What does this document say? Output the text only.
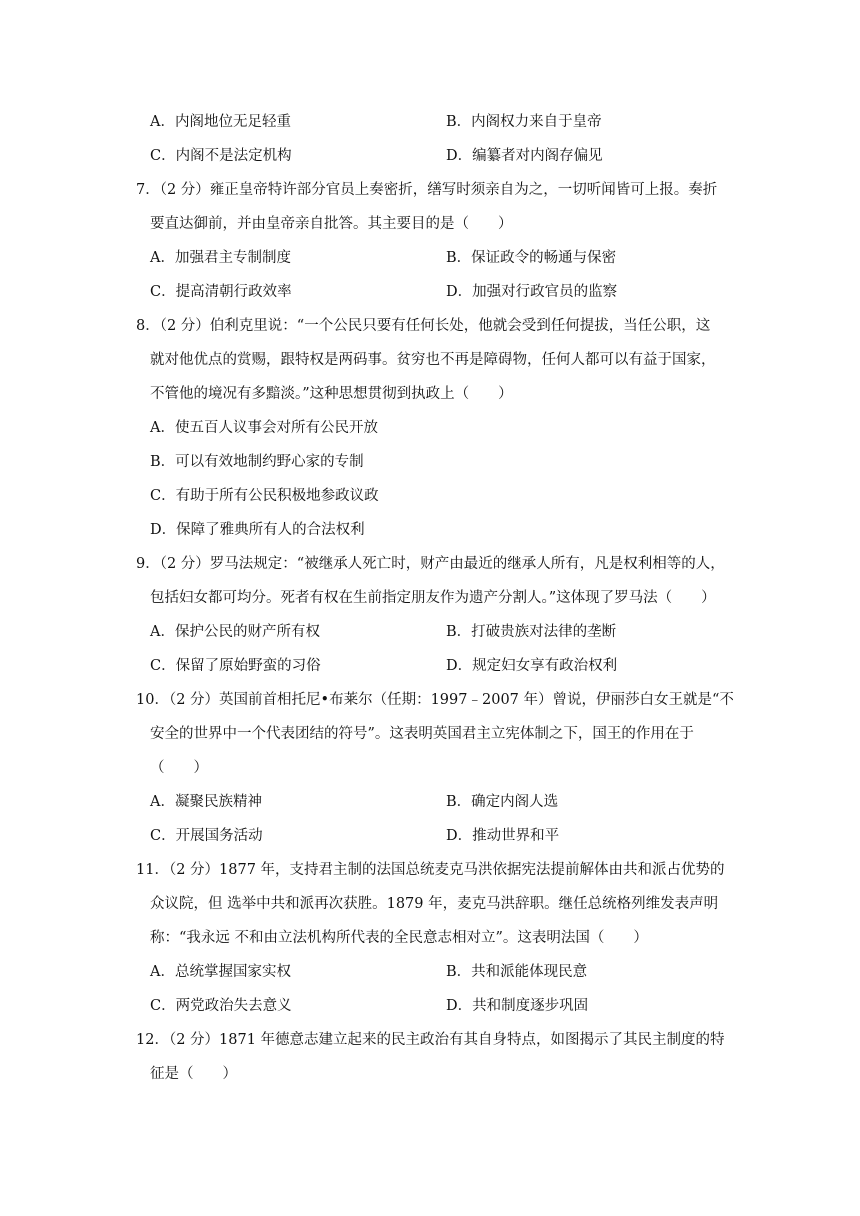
A．内阁地位无足轻重	B．内阁权力来自于皇帝
C．内阁不是法定机构	D．编纂者对内阁存偏见
7．（2 分）雍正皇帝特许部分官员上奏密折，缮写时须亲自为之，一切听闻皆可上报。奏折
要直达御前，并由皇帝亲自批答。其主要目的是（　　）
A．加强君主专制制度	B．保证政令的畅通与保密
C．提高清朝行政效率	D．加强对行政官员的监察
8．（2 分）伯利克里说：“一个公民只要有任何长处，他就会受到任何提拔，当任公职，这
就对他优点的赏赐，跟特权是两码事。贫穷也不再是障碍物，任何人都可以有益于国家，
不管他的境况有多黯淡。”这种思想贯彻到执政上（　　）
A．使五百人议事会对所有公民开放
B．可以有效地制约野心家的专制
C．有助于所有公民积极地参政议政
D．保障了雅典所有人的合法权利
9．（2 分）罗马法规定：“被继承人死亡时，财产由最近的继承人所有，凡是权利相等的人，
包括妇女都可均分。死者有权在生前指定朋友作为遗产分割人。”这体现了罗马法（　　）
A．保护公民的财产所有权	B．打破贵族对法律的垄断
C．保留了原始野蛮的习俗	D．规定妇女享有政治权利
10．（2 分）英国前首相托尼•布莱尔（任期：1997﹣2007 年）曾说，伊丽莎白女王就是“不
安全的世界中一个代表团结的符号”。这表明英国君主立宪体制之下，国王的作用在于
（　　）
A．凝聚民族精神	B．确定内阁人选
C．开展国务活动	D．推动世界和平
11．（2 分）1877 年，支持君主制的法国总统麦克马洪依据宪法提前解体由共和派占优势的
众议院，但 选举中共和派再次获胜。1879 年，麦克马洪辞职。继任总统格列维发表声明
称：“我永远 不和由立法机构所代表的全民意志相对立”。这表明法国（　　）
A．总统掌握国家实权	B．共和派能体现民意
C．两党政治失去意义	D．共和制度逐步巩固
12．（2 分）1871 年德意志建立起来的民主政治有其自身特点，如图揭示了其民主制度的特
征是（　　）
